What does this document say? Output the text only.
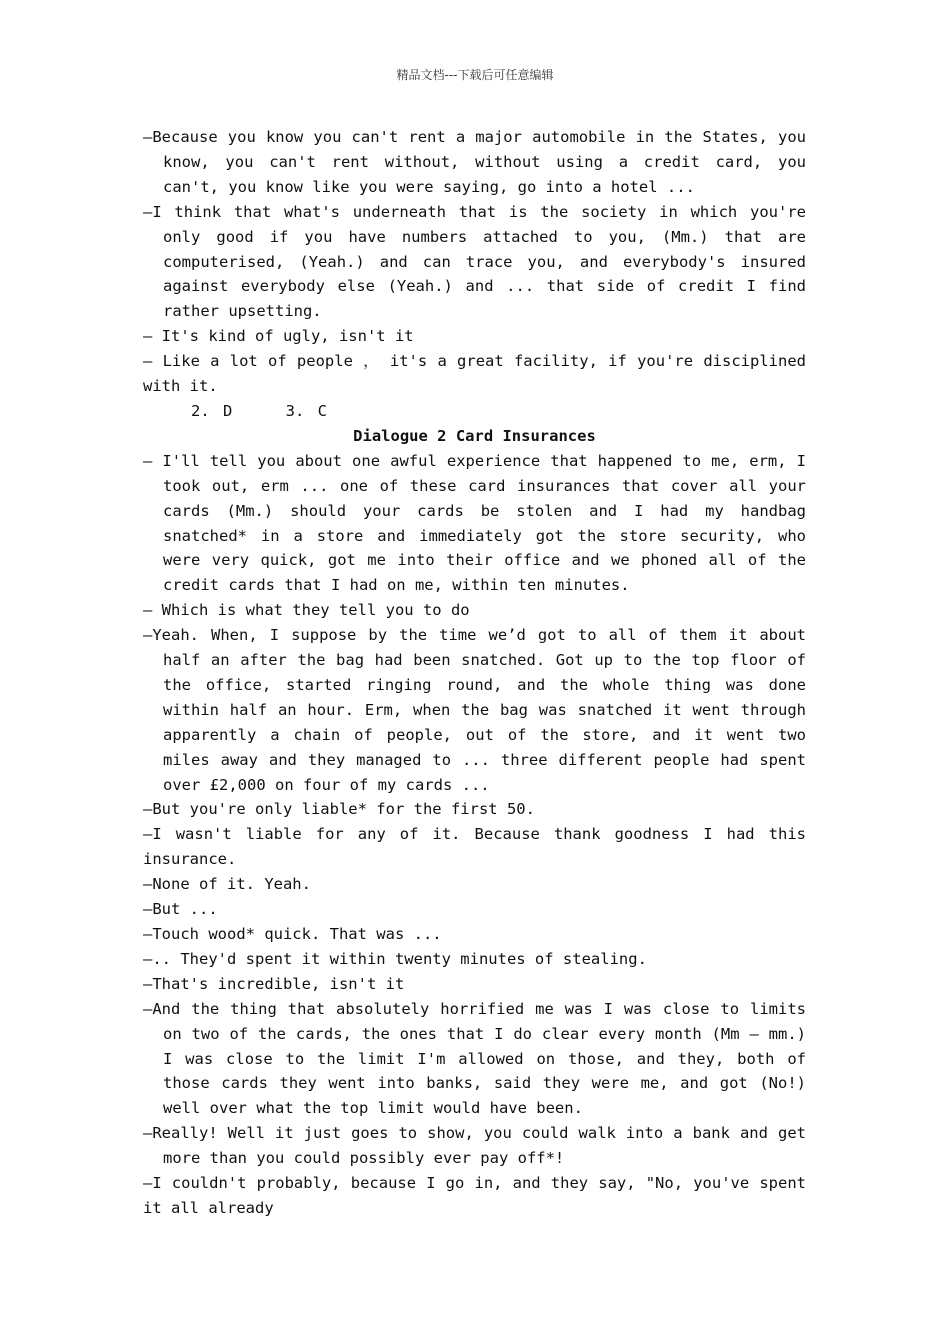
精品文档---下载后可任意编辑

—Because you know you can't rent a major automobile in the States, you know, you can't rent without, without using a credit card, you can't, you know like you were saying, go into a hotel ...

—I think that what's underneath that is the society in which you're only good if you have numbers attached to you, (Mm.) that are computerised, (Yeah.) and can trace you, and everybody's insured against everybody else (Yeah.) and ... that side of credit I find rather upsetting.

— It's kind of ugly, isn't it

— Like a lot of people ， it's a great facility, if you're disciplined with it.

2. D    3. C

Dialogue 2 Card Insurances

— I'll tell you about one awful experience that happened to me, erm, I took out, erm ... one of these card insurances that cover all your cards (Mm.) should your cards be stolen and I had my handbag snatched* in a store and immediately got the store security, who were very quick, got me into their office and we phoned all of the credit cards that I had on me, within ten minutes.

— Which is what they tell you to do

—Yeah. When, I suppose by the time we’d got to all of them it about half an after the bag had been snatched. Got up to the top floor of the office, started ringing round, and the whole thing was done within half an hour. Erm, when the bag was snatched it went through apparently a chain of people, out of the store, and it went two miles away and they managed to ... three different people had spent over £2,000 on four of my cards ...

—But you're only liable* for the first 50.

—I wasn't liable for any of it. Because thank goodness I had this insurance.

—None of it. Yeah.

—But ...

—Touch wood* quick. That was ...

—.. They'd spent it within twenty minutes of stealing.

—That's incredible, isn't it

—And the thing that absolutely horrified me was I was close to limits on two of the cards, the ones that I do clear every month (Mm – mm.) I was close to the limit I'm allowed on those, and they, both of those cards they went into banks, said they were me, and got (No!) well over what the top limit would have been.

—Really! Well it just goes to show, you could walk into a bank and get more than you could possibly ever pay off*!

—I couldn't probably, because I go in, and they say, "No, you've spent it all already
